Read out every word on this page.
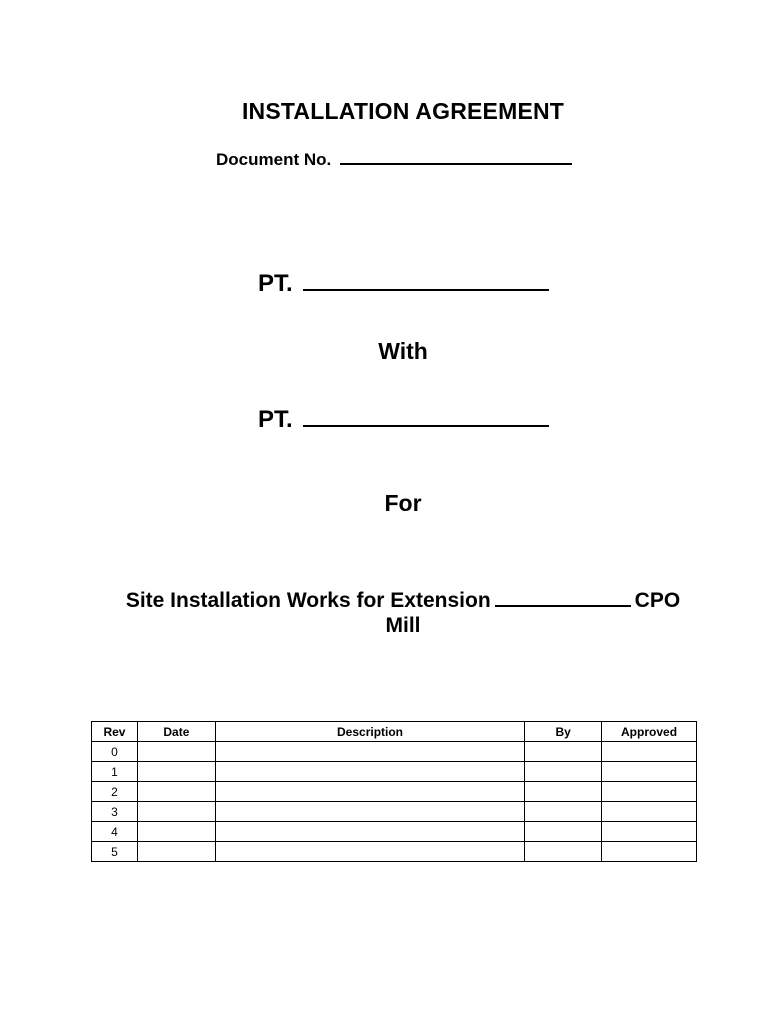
INSTALLATION AGREEMENT
Document No.
PT.
With
PT.
For
Site Installation Works for Extension	CPO
Mill
Rev	Date	Description	By	Approved
0				
1				
2				
3				
4				
5				
